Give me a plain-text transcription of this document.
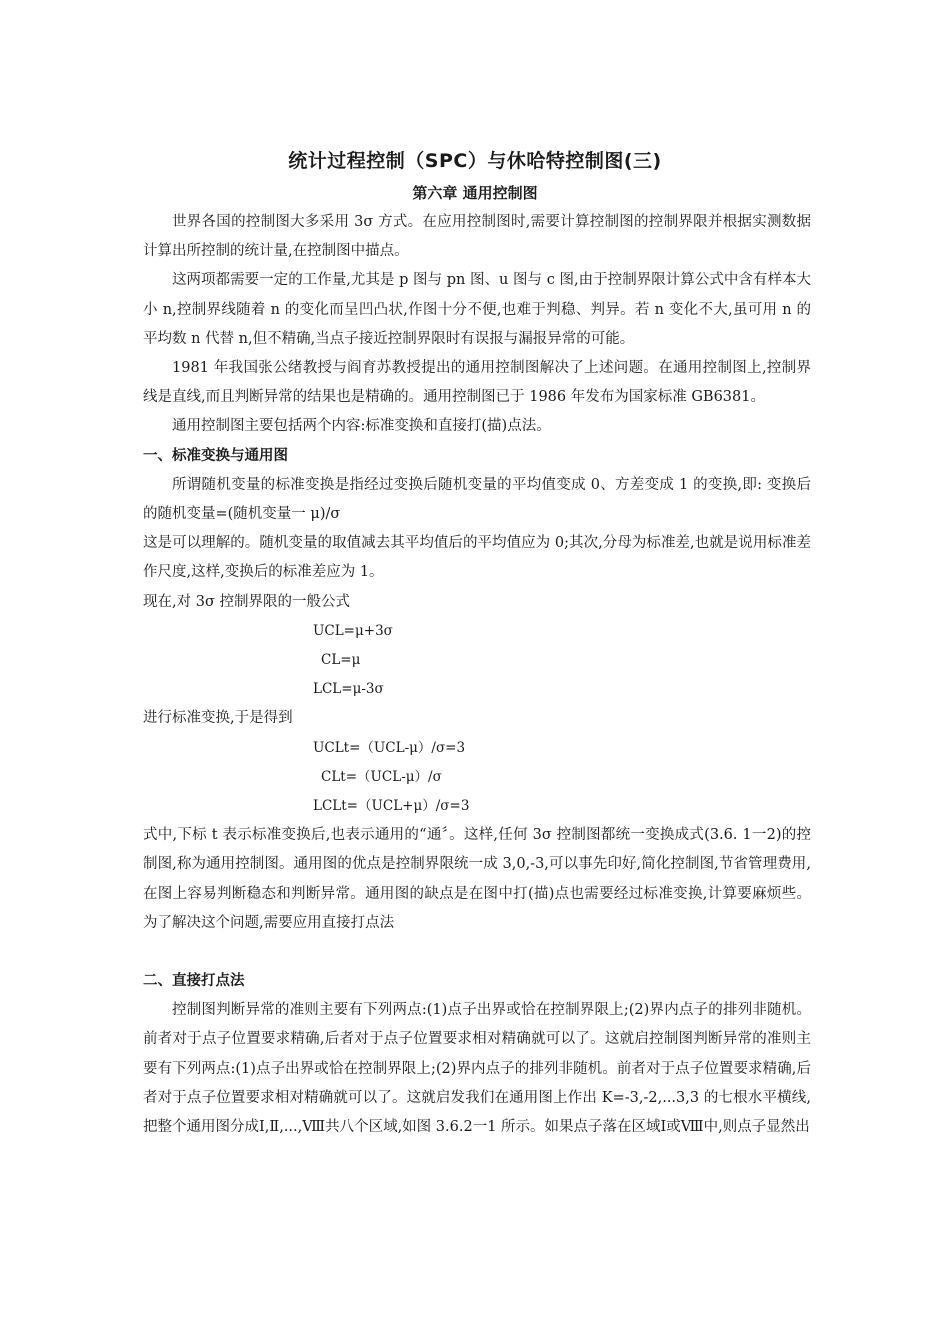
统计过程控制（SPC）与休哈特控制图(三)
第六章 通用控制图

世界各国的控制图大多采用 3σ 方式。在应用控制图时,需要计算控制图的控制界限并根据实测数据计算出所控制的统计量,在控制图中描点。

这两项都需要一定的工作量,尤其是 p 图与 pn 图、u 图与 c 图,由于控制界限计算公式中含有样本大小 n,控制界线随着 n 的变化而呈凹凸状,作图十分不便,也难于判稳、判异。若 n 变化不大,虽可用 n 的平均数 n 代替 n,但不精确,当点子接近控制界限时有误报与漏报异常的可能。

1981 年我国张公绪教授与阎育苏教授提出的通用控制图解决了上述问题。在通用控制图上,控制界线是直线,而且判断异常的结果也是精确的。通用控制图已于 1986 年发布为国家标准 GB6381。

通用控制图主要包括两个内容:标准变换和直接打(描)点法。

一、标准变换与通用图

所谓随机变量的标准变换是指经过变换后随机变量的平均值变成 0、方差变成 1 的变换,即: 变换后的随机变量=(随机变量一 μ)/σ

这是可以理解的。随机变量的取值减去其平均值后的平均值应为 0;其次,分母为标准差,也就是说用标准差作尺度,这样,变换后的标准差应为 1。

现在,对 3σ 控制界限的一般公式

UCL=μ+3σ

CL=μ

LCL=μ-3σ

进行标准变换,于是得到

UCLt=（UCL-μ）/σ=3

CLt=（UCL-μ）/σ

LCLt=（UCL+μ）/σ=3

式中,下标 t 表示标准变换后,也表示通用的“通〞。这样,任何 3σ 控制图都统一变换成式(3.6. 1一2)的控制图,称为通用控制图。通用图的优点是控制界限统一成 3,0,-3,可以事先印好,简化控制图,节省管理费用,在图上容易判断稳态和判断异常。通用图的缺点是在图中打(描)点也需要经过标准变换,计算要麻烦些。为了解决这个问题,需要应用直接打点法

二、直接打点法

控制图判断异常的准则主要有下列两点:(1)点子出界或恰在控制界限上;(2)界内点子的排列非随机。前者对于点子位置要求精确,后者对于点子位置要求相对精确就可以了。这就启控制图判断异常的准则主要有下列两点:(1)点子出界或恰在控制界限上;(2)界内点子的排列非随机。前者对于点子位置要求精确,后者对于点子位置要求相对精确就可以了。这就启发我们在通用图上作出 K=-3,-2,...3,3 的七根水平横线,把整个通用图分成Ⅰ,Ⅱ,...,Ⅷ共八个区域,如图 3.6.2一1 所示。如果点子落在区域Ⅰ或Ⅷ中,则点子显然出
